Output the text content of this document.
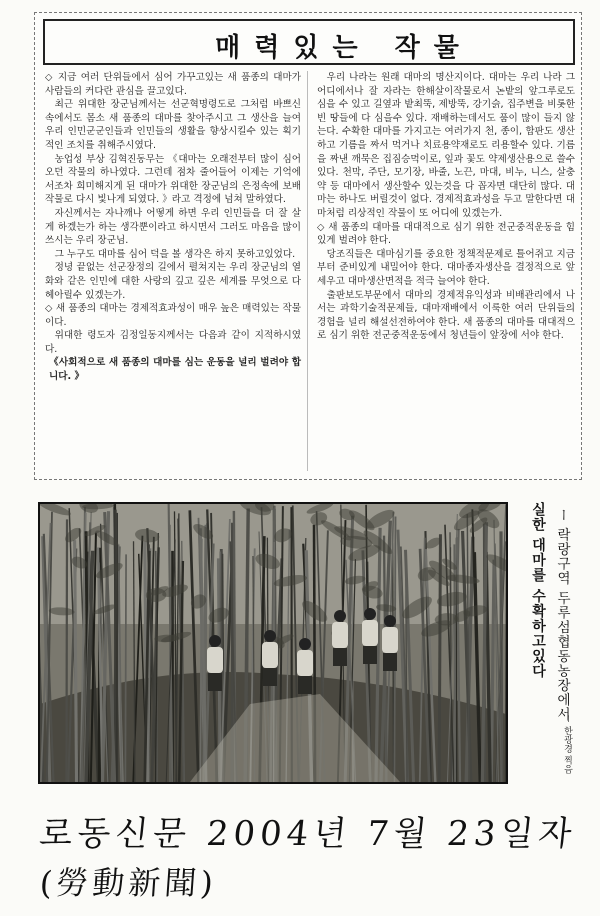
매력있는 작물

◇ 지금 여러 단위들에서 심어 가꾸고있는 새 품종의 대마가 사람들의 커다란 관심을 끌고있다.

최근 위대한 장군님께서는 선군혁명령도로 그처럼 바쁘신 속에서도 몸소 새 품종의 대마를 찾아주시고 그 생산을 늘여 우리 인민군군인들과 인민들의 생활을 향상시킬수 있는 획기적인 조치를 취해주시였다.

농업성 부상 김혁진동무는 《대마는 오래전부터 많이 심어오던 작물의 하나였다. 그런데 점차 줄어들어 이제는 기억에서조차 희미해지게 된 대마가 위대한 장군님의 은정속에 보배작물로 다시 빛나게 되였다. 》라고 격정에 넘쳐 말하였다.

자신께서는 자나깨나 어떻게 하면 우리 인민들을 더 잘 살게 하겠는가 하는 생각뿐이라고 하시면서 그러도 마음을 많이 쓰시는 우리 장군님.

그 누구도 대마를 심어 덕을 볼 생각은 하지 못하고있었다.

정녕 끝없는 선군장정의 길에서 펼쳐지는 우리 장군님의 열화와 같은 인민에 대한 사랑의 깊고 깊은 세계를 무엇으로 다 헤아릴수 있겠는가.

◇ 새 품종의 대마는 경제적효과성이 매우 높은 매력있는 작물이다.

위대한 령도자 김정일동지께서는 다음과 같이 지적하시였다.

《사회적으로 새 품종의 대마를 심는 운동을 널리 벌려야 합니다. 》

우리 나라는 원래 대마의 명산지이다. 대마는 우리 나라 그 어디에서나 잘 자라는 한해살이작물로서 논밭의 앞그루로도 심을 수 있고 길옆과 밭최뚝, 제방뚝, 강기슭, 집주변을 비롯한 빈 땅들에 다 심을수 있다. 재배하는데서도 품이 많이 들지 않는다. 수확한 대마를 가지고는 여러가지 천, 종이, 합판도 생산하고 기름을 짜서 먹거나 치료용약재로도 리용할수 있다. 기름을 짜낸 깨묵은 집짐승먹이로, 잎과 꽃도 약제생산용으로 쓸수 있다. 천막, 주단, 모기장, 바줄, 노끈, 마대, 비누, 니스, 살충약 등 대마에서 생산할수 있는것을 다 꼽자면 대단히 많다. 대마는 하나도 버릴것이 없다. 경제적효과성을 두고 말한다면 대마처럼 리상적인 작물이 또 어디에 있겠는가.

◇ 새 품종의 대마를 대대적으로 심기 위한 전군중적운동을 힘있게 벌려야 한다.

당조직들은 대마심기를 중요한 정책적문제로 틀어쥐고 지금부터 준비있게 내밀어야 한다. 대마종자생산을 결정적으로 앞세우고 대마생산면적을 적극 늘여야 한다.

출판보도부문에서 대마의 경제적유익성과 비배관리에서 나서는 과학기술적문제들, 대마재배에서 이룩한 여러 단위들의 경험을 널리 해설선전하여야 한다. 새 품종의 대마를 대대적으로 심기 위한 전군중적운동에서 청년들이 앞장에 서야 한다.

ー 락랑구역 두루섬협동농장에서
실한 대마를 수확하고있다
ー 한광경 찍음
로동신문 2004년 7월 23일자
(勞動新聞)
